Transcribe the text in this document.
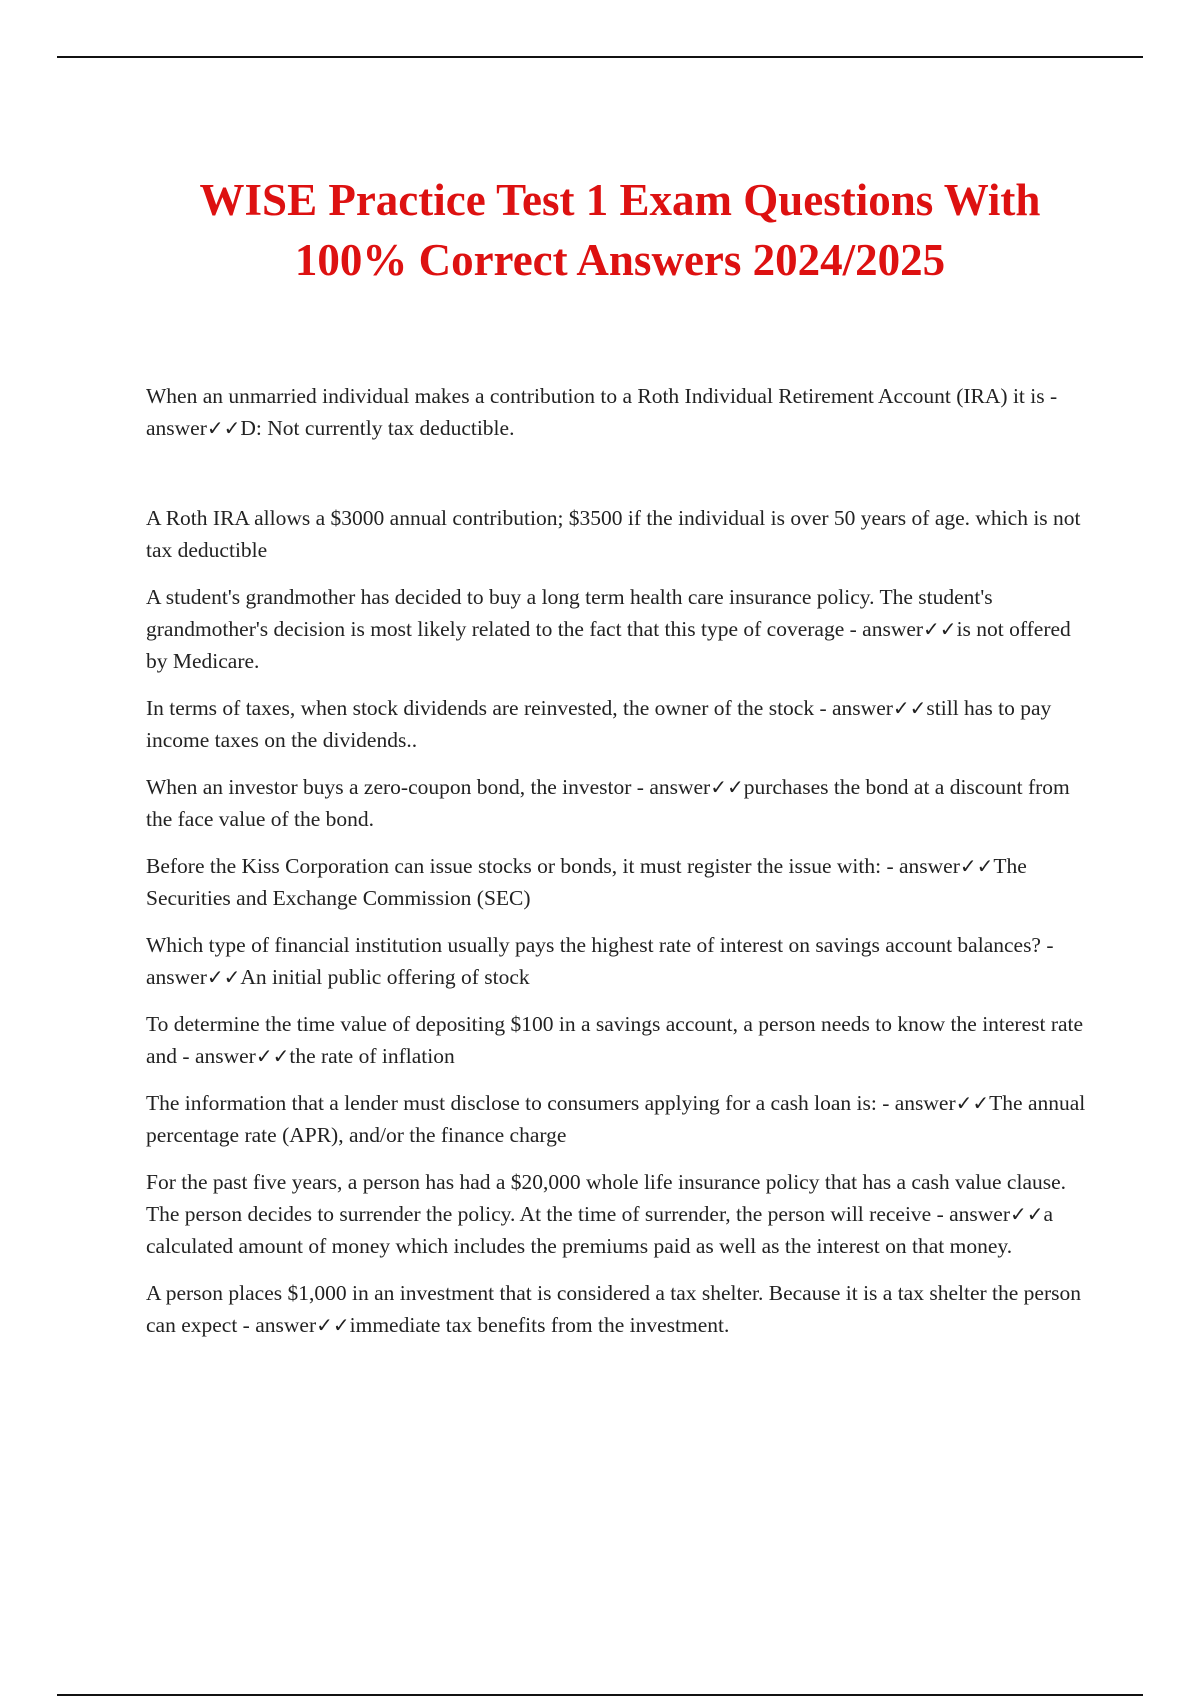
WISE Practice Test 1 Exam Questions With
100% Correct Answers 2024/2025

When an unmarried individual makes a contribution to a Roth Individual Retirement Account (IRA) it is - answer✓✓D: Not currently tax deductible.

A Roth IRA allows a $3000 annual contribution; $3500 if the individual is over 50 years of age. which is not tax deductible

A student's grandmother has decided to buy a long term health care insurance policy. The student's grandmother's decision is most likely related to the fact that this type of coverage - answer✓✓is not offered by Medicare.

In terms of taxes, when stock dividends are reinvested, the owner of the stock - answer✓✓still has to pay income taxes on the dividends..

When an investor buys a zero-coupon bond, the investor - answer✓✓purchases the bond at a discount from the face value of the bond.

Before the Kiss Corporation can issue stocks or bonds, it must register the issue with: - answer✓✓The Securities and Exchange Commission (SEC)

Which type of financial institution usually pays the highest rate of interest on savings account balances? - answer✓✓An initial public offering of stock

To determine the time value of depositing $100 in a savings account, a person needs to know the interest rate and - answer✓✓the rate of inflation

The information that a lender must disclose to consumers applying for a cash loan is: - answer✓✓The annual percentage rate (APR), and/or the finance charge

For the past five years, a person has had a $20,000 whole life insurance policy that has a cash value clause. The person decides to surrender the policy. At the time of surrender, the person will receive - answer✓✓a calculated amount of money which includes the premiums paid as well as the interest on that money.

A person places $1,000 in an investment that is considered a tax shelter. Because it is a tax shelter the person can expect - answer✓✓immediate tax benefits from the investment.
